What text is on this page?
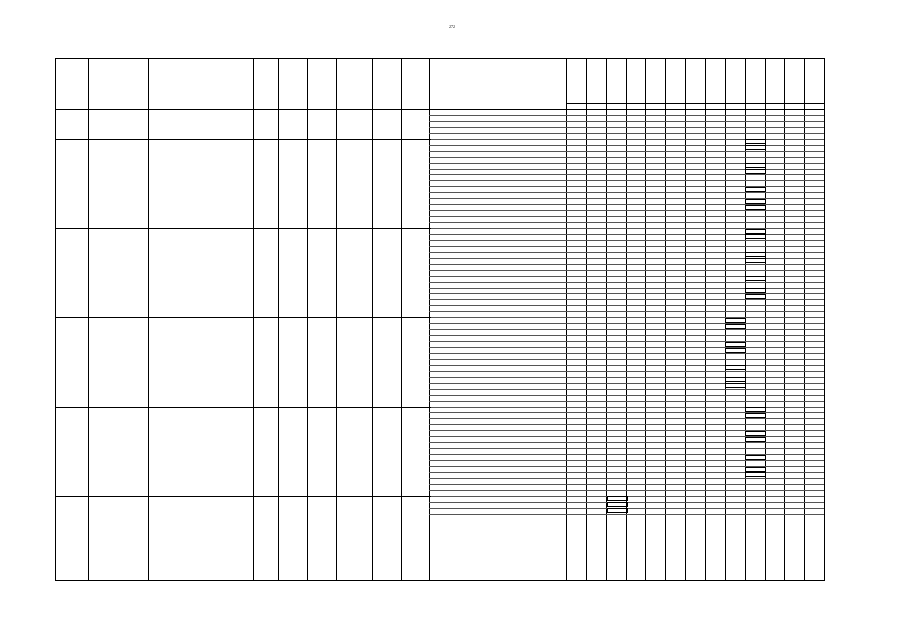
272
